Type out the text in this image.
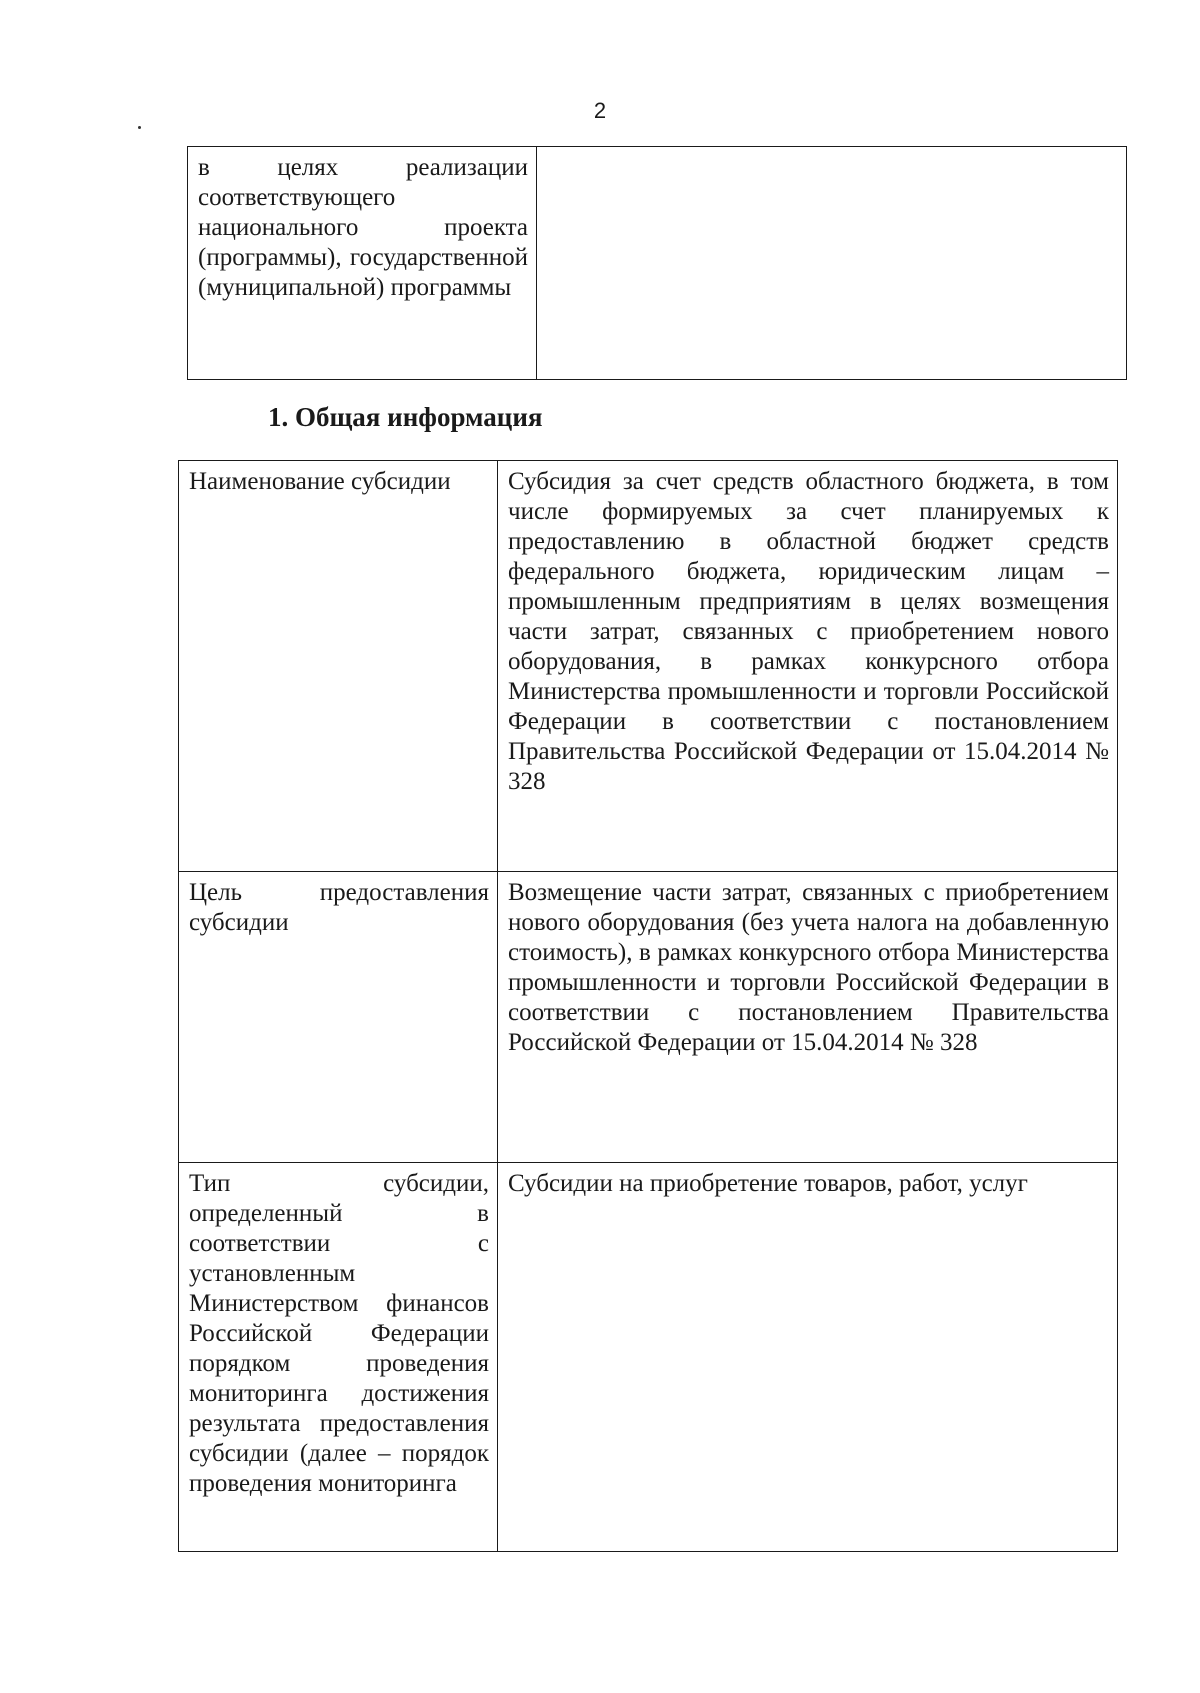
2
в целях реализации соответствующего национального проекта (программы), государственной (муниципальной) программы	
1. Общая информация
Наименование субсидии	Субсидия за счет средств областного бюджета, в том числе формируемых за счет планируемых к предоставлению в областной бюджет средств федерального бюджета, юридическим лицам – промышленным предприятиям в целях возмещения части затрат, связанных с приобретением нового оборудования, в рамках конкурсного отбора Министерства промышленности и торговли Российской Федерации в соответствии с постановлением Правительства Российской Федерации от 15.04.2014 № 328
Цель предоставления субсидии	Возмещение части затрат, связанных с приобретением нового оборудования (без учета налога на добавленную стоимость), в рамках конкурсного отбора Министерства промышленности и торговли Российской Федерации в соответствии с постановлением Правительства Российской Федерации от 15.04.2014 № 328
Тип субсидии, определенный в соответствии с установленным Министерством финансов Российской Федерации порядком проведения мониторинга достижения результата предоставления субсидии (далее – порядок проведения мониторинга	Субсидии на приобретение товаров, работ, услуг
